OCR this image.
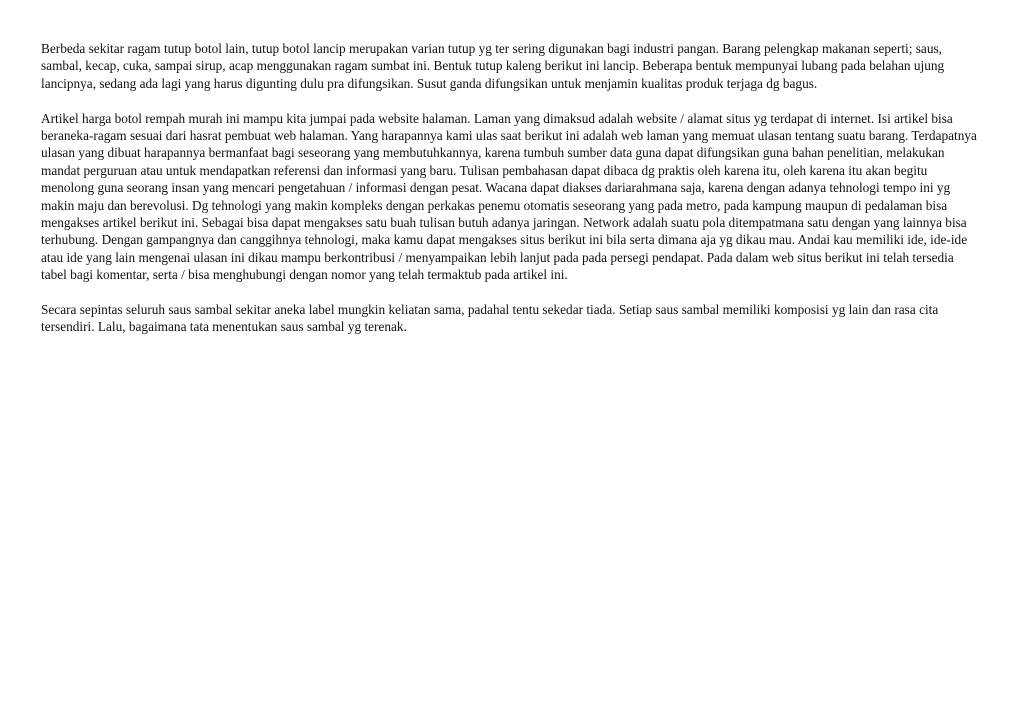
Berbeda sekitar ragam tutup botol lain, tutup botol lancip merupakan varian tutup yg ter sering digunakan bagi industri pangan. Barang pelengkap makanan seperti; saus, sambal, kecap, cuka, sampai sirup, acap menggunakan ragam sumbat ini. Bentuk tutup kaleng berikut ini lancip. Beberapa bentuk mempunyai lubang pada belahan ujung lancipnya, sedang ada lagi yang harus digunting dulu pra difungsikan. Susut ganda difungsikan untuk menjamin kualitas produk terjaga dg bagus.

Artikel harga botol rempah murah ini mampu kita jumpai pada website halaman. Laman yang dimaksud adalah website / alamat situs yg terdapat di internet. Isi artikel bisa beraneka-ragam sesuai dari hasrat pembuat web halaman. Yang harapannya kami ulas saat berikut ini adalah web laman yang memuat ulasan tentang suatu barang. Terdapatnya ulasan yang dibuat harapannya bermanfaat bagi seseorang yang membutuhkannya, karena tumbuh sumber data guna dapat difungsikan guna bahan penelitian, melakukan mandat perguruan atau untuk mendapatkan referensi dan informasi yang baru. Tulisan pembahasan dapat dibaca dg praktis oleh karena itu, oleh karena itu akan begitu menolong guna seorang insan yang mencari pengetahuan / informasi dengan pesat. Wacana dapat diakses dariarahmana saja, karena dengan adanya tehnologi tempo ini yg makin maju dan berevolusi. Dg tehnologi yang makin kompleks dengan perkakas penemu otomatis seseorang yang pada metro, pada kampung maupun di pedalaman bisa mengakses artikel berikut ini. Sebagai bisa dapat mengakses satu buah tulisan butuh adanya jaringan. Network adalah suatu pola ditempatmana satu dengan yang lainnya bisa terhubung. Dengan gampangnya dan canggihnya tehnologi, maka kamu dapat mengakses situs berikut ini bila serta dimana aja yg dikau mau. Andai kau memiliki ide, ide-ide atau ide yang lain mengenai ulasan ini dikau mampu berkontribusi / menyampaikan lebih lanjut pada pada persegi pendapat. Pada dalam web situs berikut ini telah tersedia tabel bagi komentar, serta / bisa menghubungi dengan nomor yang telah termaktub pada artikel ini.

Secara sepintas seluruh saus sambal sekitar aneka label mungkin keliatan sama, padahal tentu sekedar tiada. Setiap saus sambal memiliki komposisi yg lain dan rasa cita tersendiri. Lalu, bagaimana tata menentukan saus sambal yg terenak.
